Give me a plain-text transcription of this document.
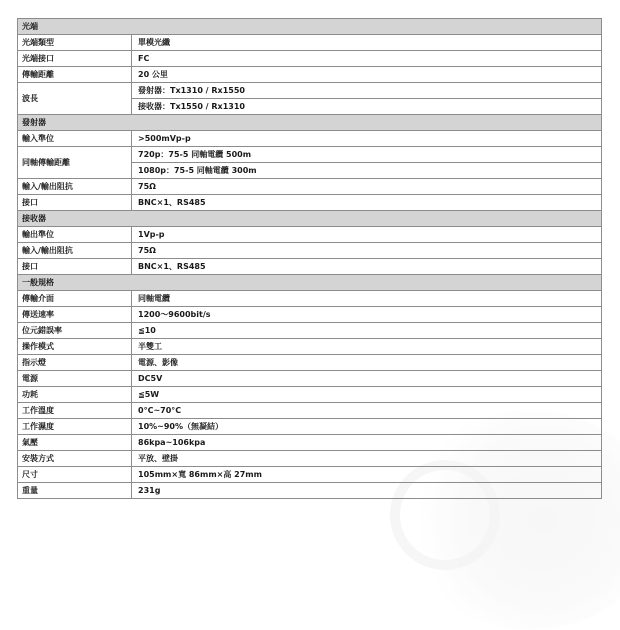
光端	
光端類型	單模光纖
光端接口	FC
傳輸距離	20 公里
波長	發射器：Tx1310 / Rx1550
	接收器：Tx1550 / Rx1310
發射器	
輸入準位	>500mVp-p
同軸傳輸距離	720p：75-5 同軸電纜 500m
	1080p：75-5 同軸電纜 300m
輸入/輸出阻抗	75Ω
接口	BNC×1、RS485
接收器	
輸出準位	1Vp-p
輸入/輸出阻抗	75Ω
接口	BNC×1、RS485
一般規格	
傳輸介面	同軸電纜
傳送速率	1200～9600bit/s
位元錯誤率	≦10
操作模式	半雙工
指示燈	電源、影像
電源	DC5V
功耗	≦5W
工作溫度	0°C~70°C
工作濕度	10%~90%（無凝結）
氣壓	86kpa~106kpa
安裝方式	平放、壁掛
尺寸	105mm×寬 86mm×高 27mm
重量	231g
